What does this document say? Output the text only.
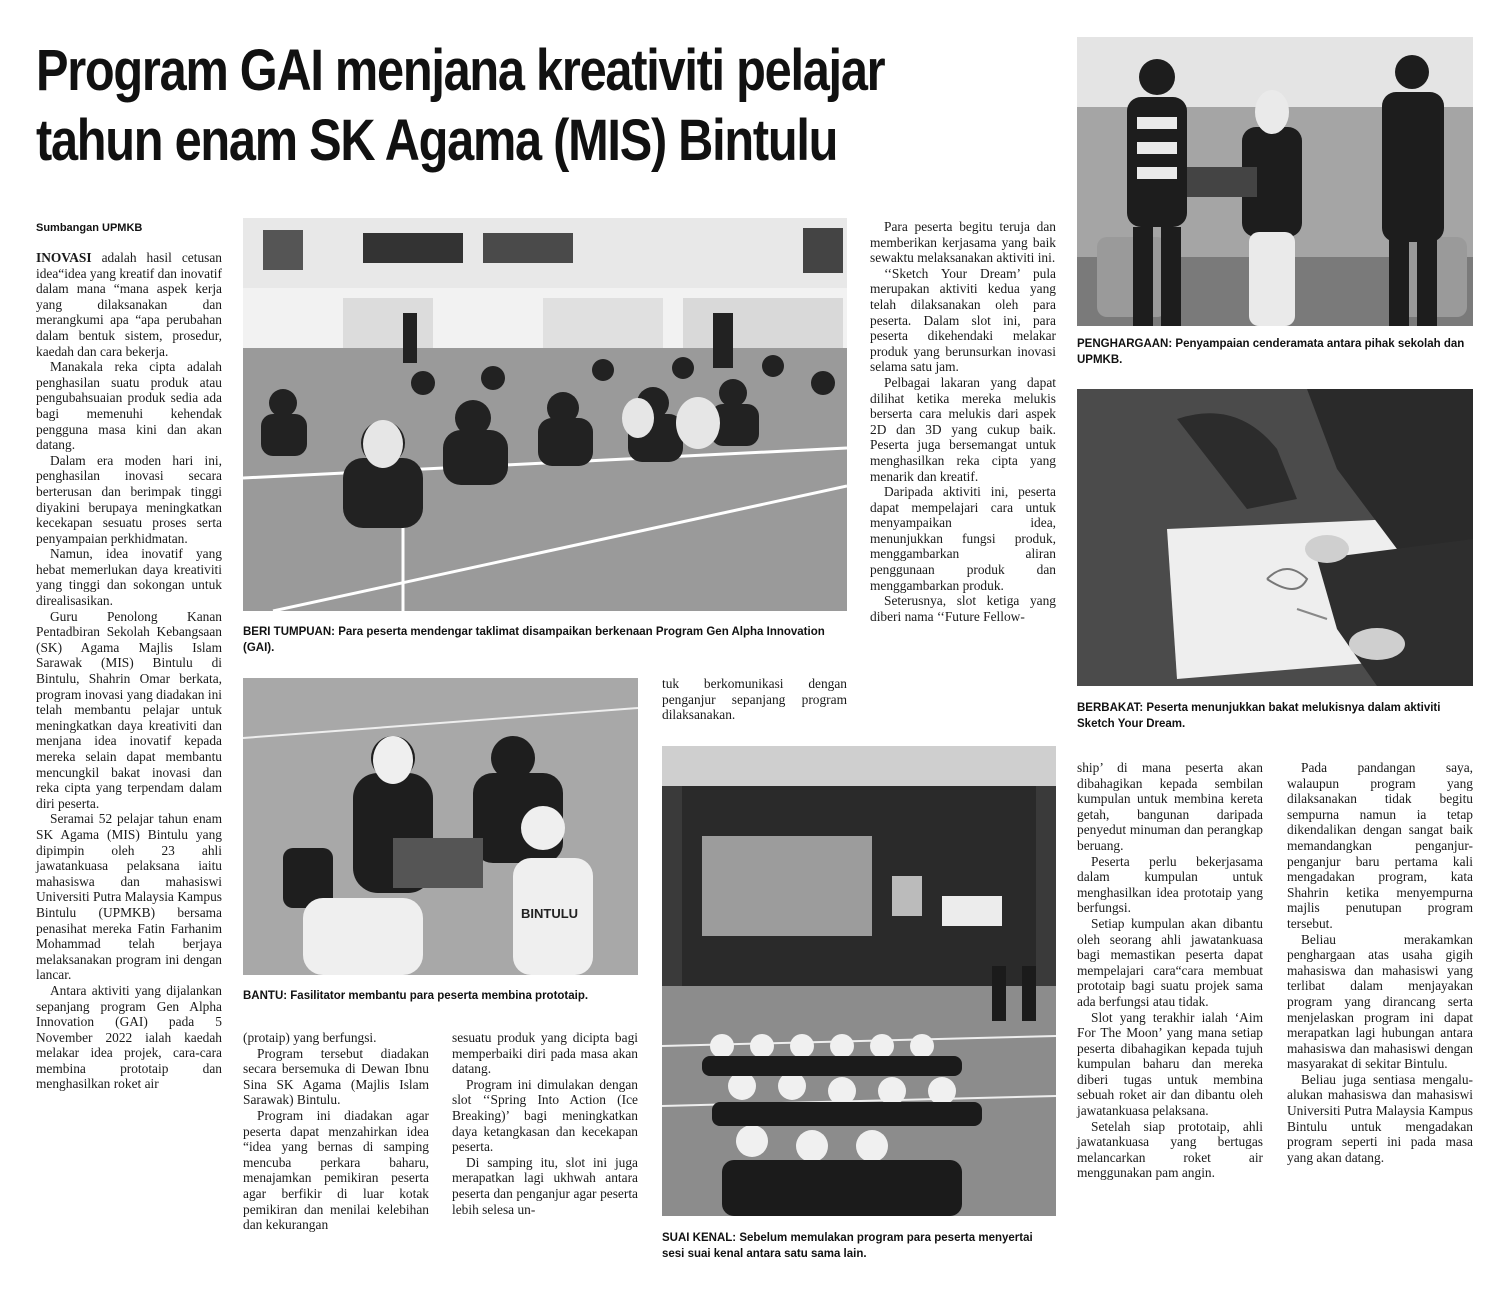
Program GAI menjana kreativiti pelajar
tahun enam SK Agama (MIS) Bintulu
Sumbangan UPMKB

INOVASI adalah hasil cetusan idea“idea yang kreatif dan inovatif dalam mana “mana aspek kerja yang dilaksanakan dan merangkumi apa “apa perubahan dalam bentuk sistem, prosedur, kaedah dan cara bekerja.

Manakala reka cipta adalah penghasilan suatu produk atau pengubahsuaian produk sedia ada bagi memenuhi kehendak pengguna masa kini dan akan datang.

Dalam era moden hari ini, penghasilan inovasi secara berterusan dan berimpak tinggi diyakini berupaya meningkatkan kecekapan sesuatu proses serta penyampaian perkhidmatan.

Namun, idea inovatif yang hebat memerlukan daya kreativiti yang tinggi dan sokongan untuk direalisasikan.

Guru Penolong Kanan Pentadbiran Sekolah Kebangsaan (SK) Agama Majlis Islam Sarawak (MIS) Bintulu di Bintulu, Shahrin Omar berkata, program inovasi yang diadakan ini telah membantu pelajar untuk meningkatkan daya kreativiti dan menjana idea inovatif kepada mereka selain dapat membantu mencungkil bakat inovasi dan reka cipta yang terpendam dalam diri peserta.

Seramai 52 pelajar tahun enam SK Agama (MIS) Bintulu yang dipimpin oleh 23 ahli jawatankuasa pelaksana iaitu mahasiswa dan mahasiswi Universiti Putra Malaysia Kampus Bintulu (UPMKB) bersama penasihat mereka Fatin Farhanim Mohammad telah berjaya melaksanakan program ini dengan lancar.

Antara aktiviti yang dijalankan sepanjang program Gen Alpha Innovation (GAI) pada 5 November 2022 ialah kaedah melakar idea projek, cara-cara membina prototaip dan menghasilkan roket air

BERI TUMPUAN: Para peserta mendengar taklimat disampaikan berkenaan Program Gen Alpha Innovation (GAI).
BINTULU
BANTU: Fasilitator membantu para peserta membina prototaip.

(protaip) yang berfungsi.

Program tersebut diadakan secara bersemuka di Dewan Ibnu Sina SK Agama (Majlis Islam Sarawak) Bintulu.

Program ini diadakan agar peserta dapat menzahirkan idea “idea yang bernas di samping mencuba perkara baharu, menajamkan pemikiran peserta agar berfikir di luar kotak pemikiran dan menilai kelebihan dan kekurangan

tuk berkomunikasi dengan penganjur sepanjang program dilaksanakan.

sesuatu produk yang dicipta bagi memperbaiki diri pada masa akan datang.

Program ini dimulakan dengan slot ‘‘Spring Into Action (Ice Breaking)’ bagi meningkatkan daya ketangkasan dan kecekapan peserta.

Di samping itu, slot ini juga merapatkan lagi ukhwah antara peserta dan penganjur agar peserta lebih selesa un-

SUAI KENAL: Sebelum memulakan program para peserta menyertai sesi suai kenal antara satu sama lain.

Para peserta begitu teruja dan memberikan kerjasama yang baik sewaktu melaksanakan aktiviti ini.

‘‘Sketch Your Dream’ pula merupakan aktiviti kedua yang telah dilaksanakan oleh para peserta. Dalam slot ini, para peserta dikehendaki melakar produk yang berunsurkan inovasi selama satu jam.

Pelbagai lakaran yang dapat dilihat ketika mereka melukis berserta cara melukis dari aspek 2D dan 3D yang cukup baik. Peserta juga bersemangat untuk menghasilkan reka cipta yang menarik dan kreatif.

Daripada aktiviti ini, peserta dapat mempelajari cara untuk menyampaikan idea, menunjukkan fungsi produk, menggambarkan aliran penggunaan produk dan menggambarkan produk.

Seterusnya, slot ketiga yang diberi nama ‘‘Future Fellow-

PENGHARGAAN: Penyampaian cenderamata antara pihak sekolah dan UPMKB.
BERBAKAT: Peserta menunjukkan bakat melukisnya dalam aktiviti Sketch Your Dream.

ship’ di mana peserta akan dibahagikan kepada sembilan kumpulan untuk membina kereta getah, bangunan daripada penyedut minuman dan perangkap beruang.

Peserta perlu bekerjasama dalam kumpulan untuk menghasilkan idea prototaip yang berfungsi.

Setiap kumpulan akan dibantu oleh seorang ahli jawatankuasa bagi memastikan peserta dapat mempelajari cara“cara membuat prototaip bagi suatu projek sama ada berfungsi atau tidak.

Slot yang terakhir ialah ‘Aim For The Moon’ yang mana setiap peserta dibahagikan kepada tujuh kumpulan baharu dan mereka diberi tugas untuk membina sebuah roket air dan dibantu oleh jawatankuasa pelaksana.

Setelah siap prototaip, ahli jawatankuasa yang bertugas melancarkan roket air menggunakan pam angin.

Pada pandangan saya, walaupun program yang dilaksanakan tidak begitu sempurna namun ia tetap dikendalikan dengan sangat baik memandangkan penganjur-penganjur baru pertama kali mengadakan program, kata Shahrin ketika menyempurna majlis penutupan program tersebut.

Beliau merakamkan penghargaan atas usaha gigih mahasiswa dan mahasiswi yang terlibat dalam menjayakan program yang dirancang serta menjelaskan program ini dapat merapatkan lagi hubungan antara mahasiswa dan mahasiswi dengan masyarakat di sekitar Bintulu.

Beliau juga sentiasa mengalu-alukan mahasiswa dan mahasiswi Universiti Putra Malaysia Kampus Bintulu untuk mengadakan program seperti ini pada masa yang akan datang.
